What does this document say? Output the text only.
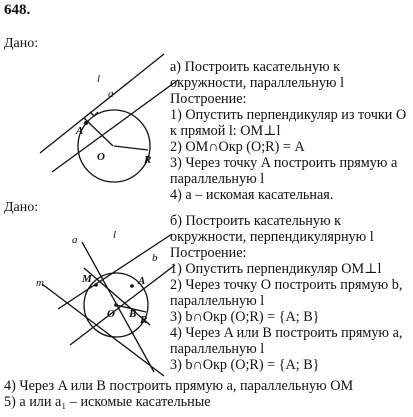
648.
Дано:
Дано:
l
a
A
O	R
a	l
b
m	M	A
B
O R
а) Построить касательную к
окружности, параллельную l
Построение:
1) Опустить перпендикуляр из точки O
к прямой l: OM⊥l
2) OM∩Окр (O;R) = A
3) Через точку A построить прямую a
параллельную l
4) a – искомая касательная.
б) Построить касательную к
окружности, перпендикулярную l
Построение:
1) Опустить перпендикуляр OM⊥l
2) Через точку O построить прямую b,
параллельную l
3) b∩Окр (O;R) = {A; B}
4) Через A или B построить прямую a,
параллельную l
3) b∩Окр (O;R) = {A; B}
4) Через A или B построить прямую a, параллельную OM
5) a или a₁ – искомые касательные
